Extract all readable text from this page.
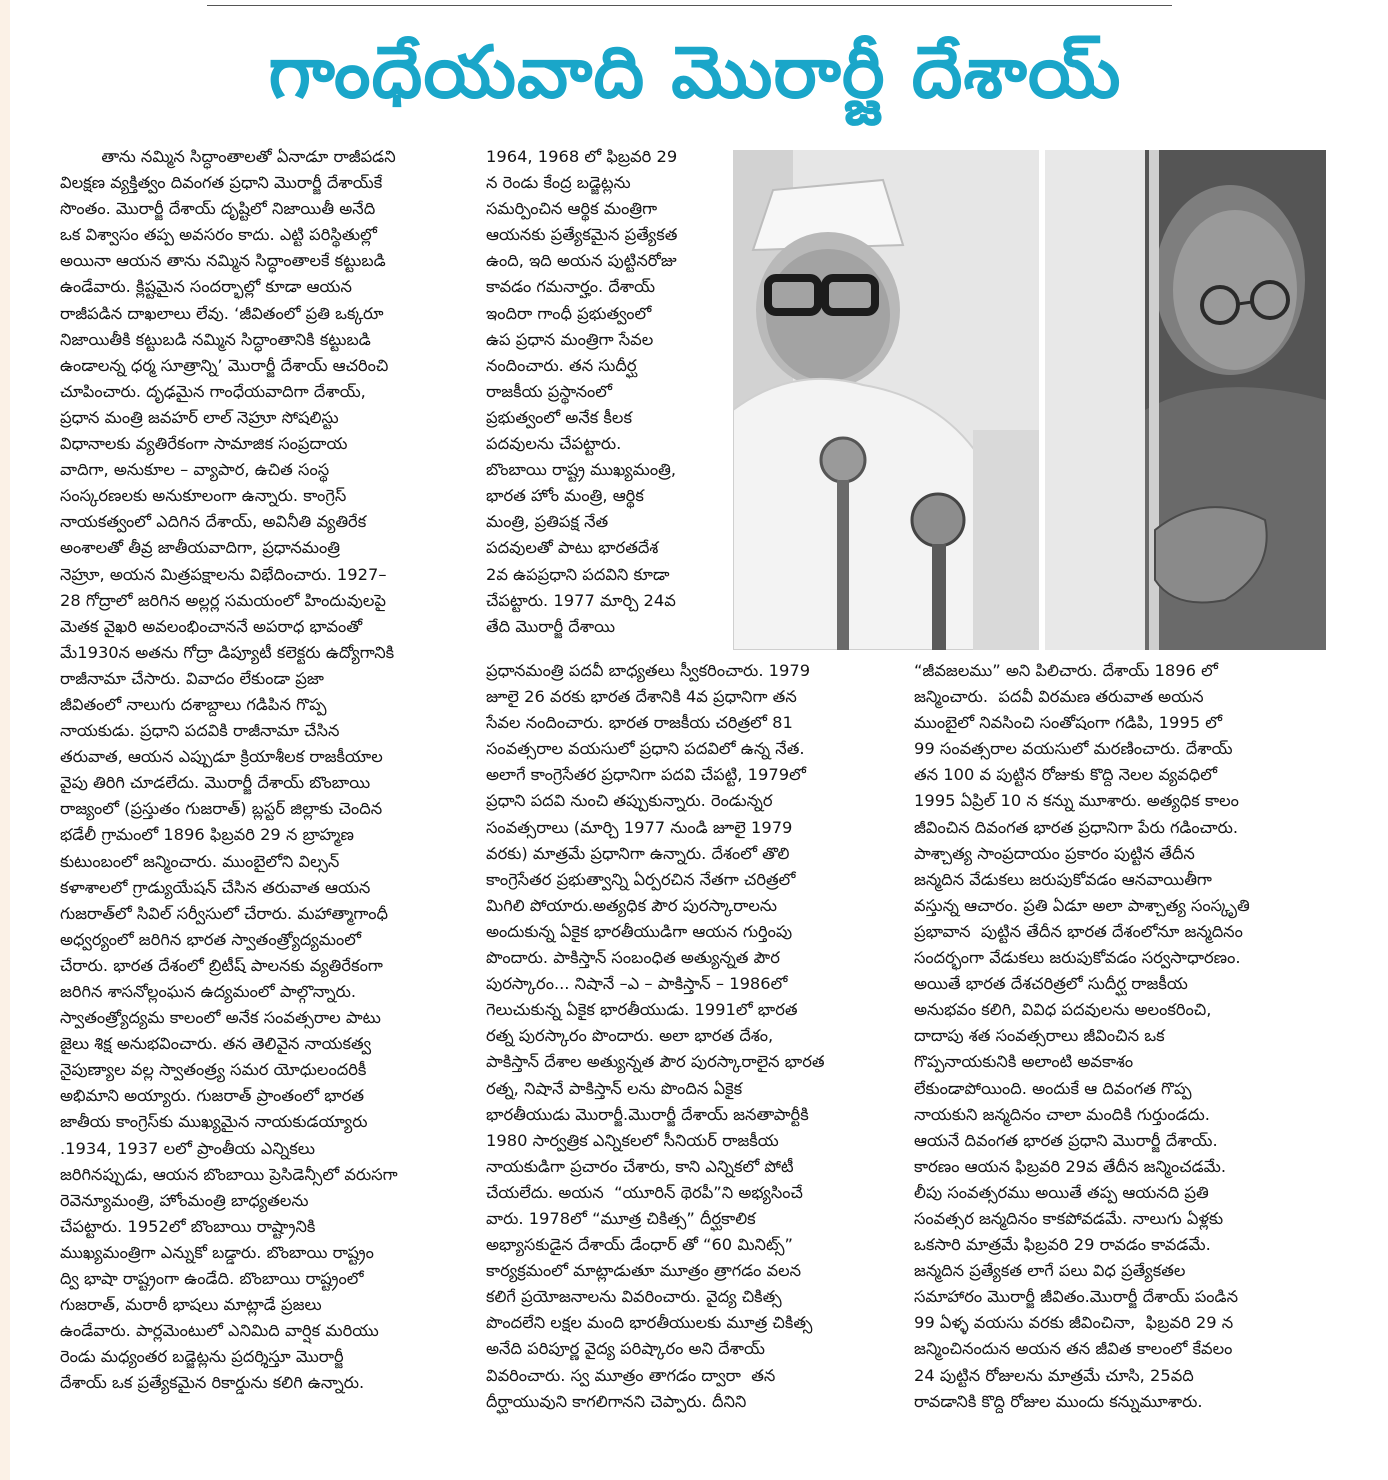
గాంధేయవాది మొరార్జీ దేశాయ్

తాను నమ్మిన సిద్ధాంతాలతో ఏనాడూ రాజీపడని

విలక్షణ వ్యక్తిత్వం దివంగత ప్రధాని మొరార్జీ దేశాయ్‌కే

సొంతం. మొరార్జీ దేశాయ్ దృష్టిలో నిజాయితీ అనేది

ఒక విశ్వాసం తప్ప అవసరం కాదు. ఎట్టి పరిస్థితుల్లో

అయినా ఆయన తాను నమ్మిన సిద్ధాంతాలకే కట్టుబడి

ఉండేవారు. క్లిష్టమైన సందర్భాల్లో కూడా ఆయన

రాజీపడిన దాఖలాలు లేవు. ‘జీవితంలో ప్రతి ఒక్కరూ

నిజాయితీకి కట్టుబడి నమ్మిన సిద్ధాంతానికి కట్టుబడి

ఉండాలన్న ధర్మ సూత్రాన్ని’ మొరార్జీ దేశాయ్ ఆచరించి

చూపించారు. దృఢమైన గాంధేయవాదిగా దేశాయ్,

ప్రధాన మంత్రి జవహర్ లాల్ నెహ్రూ సోషలిస్టు

విధానాలకు వ్యతిరేకంగా సామాజిక సంప్రదాయ

వాదిగా, అనుకూల – వ్యాపార, ఉచిత సంస్థ

సంస్కరణలకు అనుకూలంగా ఉన్నారు. కాంగ్రెస్

నాయకత్వంలో ఎదిగిన దేశాయ్, అవినీతి వ్యతిరేక

అంశాలతో తీవ్ర జాతీయవాదిగా, ప్రధానమంత్రి

నెహ్రూ, అయన మిత్రపక్షాలను విభేదించారు. 1927–

28 గోద్రాలో జరిగిన అల్లర్ల సమయంలో హిందువులపై

మెతక వైఖరి అవలంభించాననే అపరాధ భావంతో

మే1930న అతను గోద్రా డిప్యూటీ కలెక్టరు ఉద్యోగానికి

రాజీనామా చేసారు. వివాదం లేకుండా ప్రజా

జీవితంలో నాలుగు దశాబ్దాలు గడిపిన గొప్ప

నాయకుడు. ప్రధాని పదవికి రాజీనామా చేసిన

తరువాత, ఆయన ఎప్పుడూ క్రియాశీలక రాజకీయాల

వైపు తిరిగి చూడలేదు. మొరార్జీ దేశాయ్ బొంబాయి

రాజ్యంలో (ప్రస్తుతం గుజరాత్) బ్లస్టర్ జిల్లాకు చెందిన

భడేలీ గ్రామంలో 1896 ఫిబ్రవరి 29 న బ్రాహ్మణ

కుటుంబంలో జన్మించారు. ముంబైలోని విల్సన్

కళాశాలలో గ్రాడ్యుయేషన్ చేసిన తరువాత ఆయన

గుజరాత్‌లో సివిల్ సర్వీసులో చేరారు. మహాత్మాగాంధీ

అధ్వర్యంలో జరిగిన భారత స్వాతంత్ర్యోద్యమంలో

చేరారు. భారత దేశంలో బ్రిటీష్ పాలనకు వ్యతిరేకంగా

జరిగిన శాసనోల్లంఘన ఉద్యమంలో పాల్గొన్నారు.

స్వాతంత్ర్యోద్యమ కాలంలో అనేక సంవత్సరాల పాటు

జైలు శిక్ష అనుభవించారు. తన తెలివైన నాయకత్వ

నైపుణ్యాల వల్ల స్వాతంత్ర్య సమర యోధులందరికీ

అభిమాని అయ్యారు. గుజరాత్ ప్రాంతంలో భారత

జాతీయ కాంగ్రెస్‌కు ముఖ్యమైన నాయకుడయ్యారు

.1934, 1937 లలో ప్రాంతీయ ఎన్నికలు

జరిగినప్పుడు, ఆయన బొంబాయి ప్రెసిడెన్సీలో వరుసగా

రెవెన్యూమంత్రి, హోంమంత్రి బాధ్యతలను

చేపట్టారు. 1952లో బొంబాయి రాష్ట్రానికి

ముఖ్యమంత్రిగా ఎన్నుకో బడ్డారు. బొంబాయి రాష్ట్రం

ద్వి భాషా రాష్ట్రంగా ఉండేది. బొంబాయి రాష్ట్రంలో

గుజరాత్, మరాఠీ భాషలు మాట్లాడే ప్రజలు

ఉండేవారు. పార్లమెంటులో ఎనిమిది వార్షిక మరియు

రెండు మధ్యంతర బడ్జెట్లను ప్రదర్శిస్తూ మొరార్జీ

దేశాయ్ ఒక ప్రత్యేకమైన రికార్డును కలిగి ఉన్నారు.

1964, 1968 లో ఫిబ్రవరి 29

న రెండు కేంద్ర బడ్జెట్లను

సమర్పించిన ఆర్థిక మంత్రిగా

ఆయనకు ప్రత్యేకమైన ప్రత్యేకత

ఉంది, ఇది అయన పుట్టినరోజు

కావడం గమనార్హం. దేశాయ్

ఇందిరా గాంధీ ప్రభుత్వంలో

ఉప ప్రధాన మంత్రిగా సేవల

నందించారు. తన సుదీర్ఘ

రాజకీయ ప్రస్థానంలో

ప్రభుత్వంలో అనేక కీలక

పదవులను చేపట్టారు.

బొంబాయి రాష్ట్ర ముఖ్యమంత్రి,

భారత హోం మంత్రి, ఆర్థిక

మంత్రి, ప్రతిపక్ష నేత

పదవులతో పాటు భారతదేశ

2వ ఉపప్రధాని పదవిని కూడా

చేపట్టారు. 1977 మార్చి 24వ

తేది మొరార్జీ దేశాయి

ప్రధానమంత్రి పదవీ బాధ్యతలు స్వీకరించారు. 1979

జూలై 26 వరకు భారత దేశానికి 4వ ప్రధానిగా తన

సేవల నందించారు. భారత రాజకీయ చరిత్రలో 81

సంవత్సరాల వయసులో ప్రధాని పదవిలో ఉన్న నేత.

అలాగే కాంగ్రెసేతర ప్రధానిగా పదవి చేపట్టి, 1979లో

ప్రధాని పదవి నుంచి తప్పుకున్నారు. రెండున్నర

సంవత్సరాలు (మార్చి 1977 నుండి జూలై 1979

వరకు) మాత్రమే ప్రధానిగా ఉన్నారు. దేశంలో తొలి

కాంగ్రెసేతర ప్రభుత్వాన్ని ఏర్పరచిన నేతగా చరిత్రలో

మిగిలి పోయారు.అత్యధిక పౌర పురస్కారాలను

అందుకున్న ఏకైక భారతీయుడిగా ఆయన గుర్తింపు

పొందారు. పాకిస్తాన్ సంబంధిత అత్యున్నత పౌర

పురస్కారం... నిషానే –ఎ – పాకిస్తాన్ – 1986లో

గెలుచుకున్న ఏకైక భారతీయుడు. 1991లో భారత

రత్న పురస్కారం పొందారు. అలా భారత దేశం,

పాకిస్తాన్ దేశాల అత్యున్నత పౌర పురస్కారాలైన భారత

రత్న, నిషానే పాకిస్తాన్ లను పొందిన ఏకైక

భారతీయుడు మొరార్జీ.మొరార్జీ దేశాయ్ జనతాపార్టీకి

1980 సార్వత్రిక ఎన్నికలలో సీనియర్ రాజకీయ

నాయకుడిగా ప్రచారం చేశారు, కాని ఎన్నికలో పోటీ

చేయలేదు. అయన  “యూరిన్ థెరపీ”ని అభ్యసించే

వారు. 1978లో “మూత్ర చికిత్స” దీర్ఘకాలిక

అభ్యాసకుడైన దేశాయ్ డేంధార్ తో “60 మినిట్స్”

కార్యక్రమంలో మాట్లాడుతూ మూత్రం త్రాగడం వలన

కలిగే ప్రయోజనాలను వివరించారు. వైద్య చికిత్స

పొందలేని లక్షల మంది భారతీయులకు మూత్ర చికిత్స

అనేది పరిపూర్ణ వైద్య పరిష్కారం అని దేశాయ్

వివరించారు. స్వ మూత్రం తాగడం ద్వారా  తన

దీర్ఘాయువుని కాగలిగానని చెప్పారు. దీనిని

“జీవజలము” అని పిలిచారు. దేశాయ్ 1896 లో

జన్మించారు.  పదవీ విరమణ తరువాత అయన

ముంబైలో నివసించి సంతోషంగా గడిపి, 1995 లో

99 సంవత్సరాల వయసులో మరణించారు. దేశాయ్

తన 100 వ పుట్టిన రోజుకు కొద్ది నెలల వ్యవధిలో

1995 ఏప్రిల్ 10 న కన్ను మూశారు. అత్యధిక కాలం

జీవించిన దివంగత భారత ప్రధానిగా పేరు గడించారు.

పాశ్చాత్య సాంప్రదాయం ప్రకారం పుట్టిన తేదీన

జన్మదిన వేడుకలు జరుపుకోవడం ఆనవాయితీగా

వస్తున్న ఆచారం. ప్రతి ఏడూ అలా పాశ్చాత్య సంస్కృతి

ప్రభావాన  పుట్టిన తేదీన భారత దేశంలోనూ జన్మదినం

సందర్భంగా వేడుకలు జరుపుకోవడం సర్వసాధారణం.

అయితే భారత దేశచరిత్రలో సుదీర్ఘ రాజకీయ

అనుభవం కలిగి, వివిధ పదవులను అలంకరించి,

దాదాపు శత సంవత్సరాలు జీవించిన ఒక

గొప్పనాయకునికి అలాంటి అవకాశం

లేకుండాపోయింది. అందుకే ఆ దివంగత గొప్ప

నాయకుని జన్మదినం చాలా మందికి గుర్తుండదు.

ఆయనే దివంగత భారత ప్రధాని మొరార్జీ దేశాయ్.

కారణం ఆయన ఫిబ్రవరి 29వ తేదీన జన్మించడమే.

లీపు సంవత్సరము అయితే తప్ప ఆయనది ప్రతి

సంవత్సర జన్మదినం కాకపోవడమే. నాలుగు ఏళ్లకు

ఒకసారి మాత్రమే ఫిబ్రవరి 29 రావడం కావడమే.

జన్మదిన ప్రత్యేకత లాగే పలు విధ ప్రత్యేకతల

సమాహారం మొరార్జీ జీవితం.మొరార్జీ దేశాయ్ పండిన

99 ఏళ్ళ వయసు వరకు జీవించినా,  ఫిబ్రవరి 29 న

జన్మించినందున అయన తన జీవిత కాలంలో కేవలం

24 పుట్టిన రోజులను మాత్రమే చూసి, 25వది

రావడానికి కొద్ది రోజుల ముందు కన్నుమూశారు.
